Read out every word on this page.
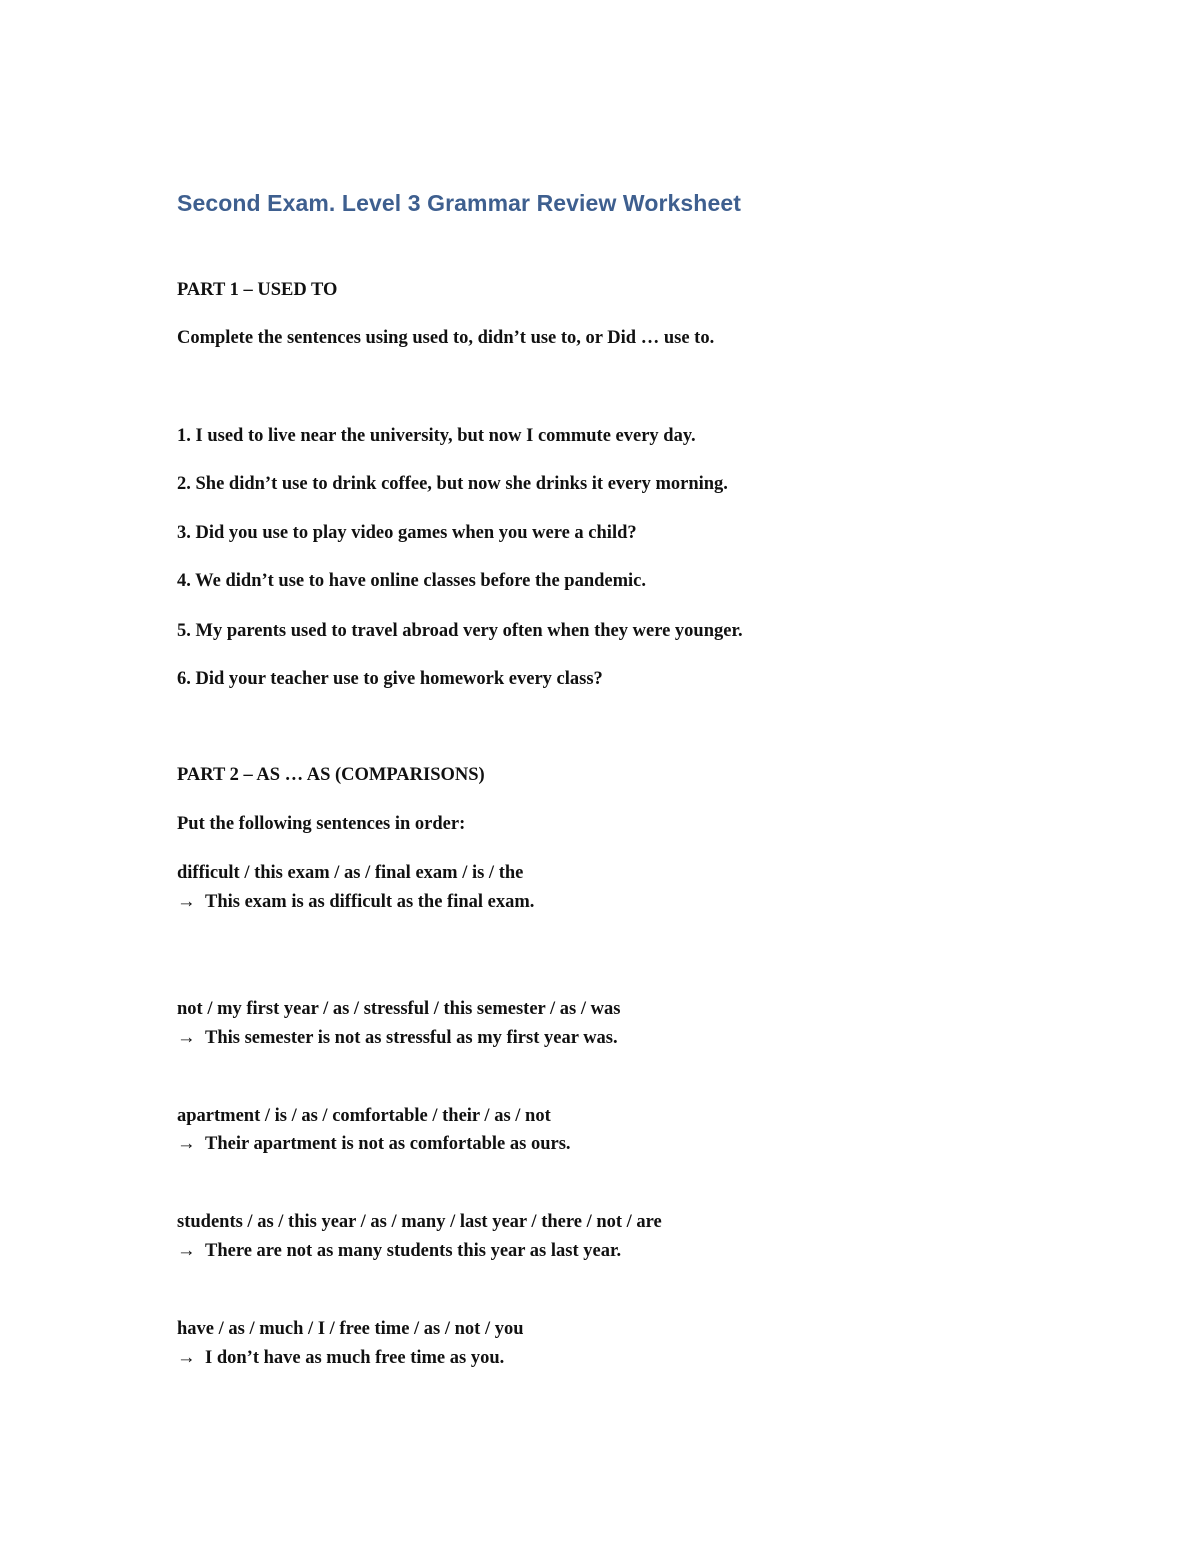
Second Exam. Level 3 Grammar Review Worksheet
PART 1 – USED TO
Complete the sentences using used to, didn’t use to, or Did … use to.
1. I used to live near the university, but now I commute every day.
2. She didn’t use to drink coffee, but now she drinks it every morning.
3. Did you use to play video games when you were a child?
4. We didn’t use to have online classes before the pandemic.
5. My parents used to travel abroad very often when they were younger.
6. Did your teacher use to give homework every class?
PART 2 – AS … AS (COMPARISONS)
Put the following sentences in order:
difficult / this exam / as / final exam / is / the
→ This exam is as difficult as the final exam.
not / my first year / as / stressful / this semester / as / was
→ This semester is not as stressful as my first year was.
apartment / is / as / comfortable / their / as / not
→ Their apartment is not as comfortable as ours.
students / as / this year / as / many / last year / there / not / are
→ There are not as many students this year as last year.
have / as / much / I / free time / as / not / you
→ I don’t have as much free time as you.
